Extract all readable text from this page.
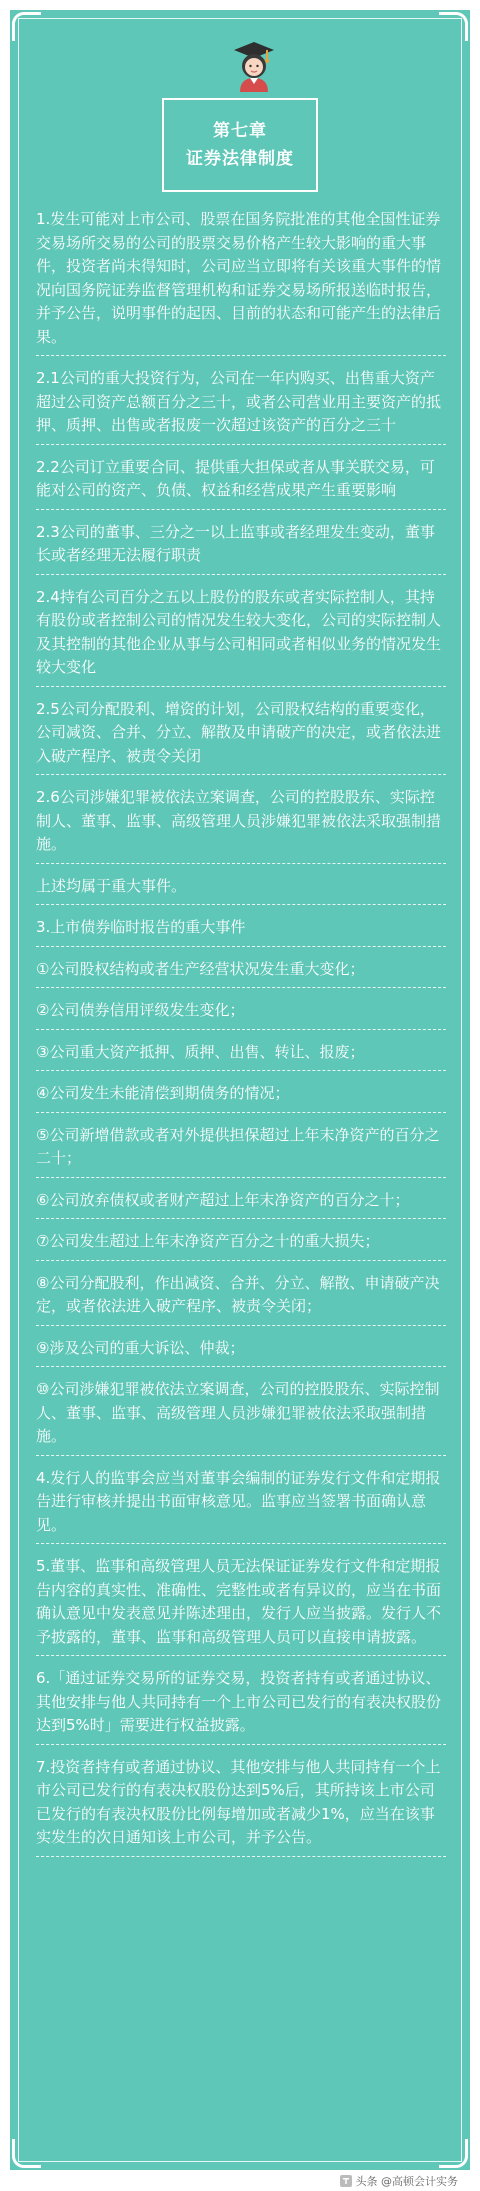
第七章
证券法律制度

1.发生可能对上市公司、股票在国务院批准的其他全国性证券交易场所交易的公司的股票交易价格产生较大影响的重大事件，投资者尚未得知时，公司应当立即将有关该重大事件的情况向国务院证券监督管理机构和证券交易场所报送临时报告，并予公告，说明事件的起因、目前的状态和可能产生的法律后果。

2.1公司的重大投资行为，公司在一年内购买、出售重大资产超过公司资产总额百分之三十，或者公司营业用主要资产的抵押、质押、出售或者报废一次超过该资产的百分之三十

2.2公司订立重要合同、提供重大担保或者从事关联交易，可能对公司的资产、负债、权益和经营成果产生重要影响

2.3公司的董事、三分之一以上监事或者经理发生变动，董事长或者经理无法履行职责

2.4持有公司百分之五以上股份的股东或者实际控制人，其持有股份或者控制公司的情况发生较大变化，公司的实际控制人及其控制的其他企业从事与公司相同或者相似业务的情况发生较大变化

2.5公司分配股利、增资的计划，公司股权结构的重要变化，公司减资、合并、分立、解散及申请破产的决定，或者依法进入破产程序、被责令关闭

2.6公司涉嫌犯罪被依法立案调查，公司的控股股东、实际控制人、董事、监事、高级管理人员涉嫌犯罪被依法采取强制措施。

上述均属于重大事件。

3.上市债券临时报告的重大事件

①公司股权结构或者生产经营状况发生重大变化；

②公司债券信用评级发生变化；

③公司重大资产抵押、质押、出售、转让、报废；

④公司发生未能清偿到期债务的情况；

⑤公司新增借款或者对外提供担保超过上年末净资产的百分之二十；

⑥公司放弃债权或者财产超过上年末净资产的百分之十；

⑦公司发生超过上年末净资产百分之十的重大损失；

⑧公司分配股利，作出减资、合并、分立、解散、申请破产决定，或者依法进入破产程序、被责令关闭；

⑨涉及公司的重大诉讼、仲裁；

⑩公司涉嫌犯罪被依法立案调查，公司的控股股东、实际控制人、董事、监事、高级管理人员涉嫌犯罪被依法采取强制措施。

4.发行人的监事会应当对董事会编制的证券发行文件和定期报告进行审核并提出书面审核意见。监事应当签署书面确认意见。

5.董事、监事和高级管理人员无法保证证券发行文件和定期报告内容的真实性、准确性、完整性或者有异议的，应当在书面确认意见中发表意见并陈述理由，发行人应当披露。发行人不予披露的，董事、监事和高级管理人员可以直接申请披露。

6.「通过证券交易所的证券交易，投资者持有或者通过协议、其他安排与他人共同持有一个上市公司已发行的有表决权股份达到5%时」需要进行权益披露。

7.投资者持有或者通过协议、其他安排与他人共同持有一个上市公司已发行的有表决权股份达到5%后，其所持该上市公司已发行的有表决权股份比例每增加或者减少1%，应当在该事实发生的次日通知该上市公司，并予公告。

头条 @高顿会计实务
